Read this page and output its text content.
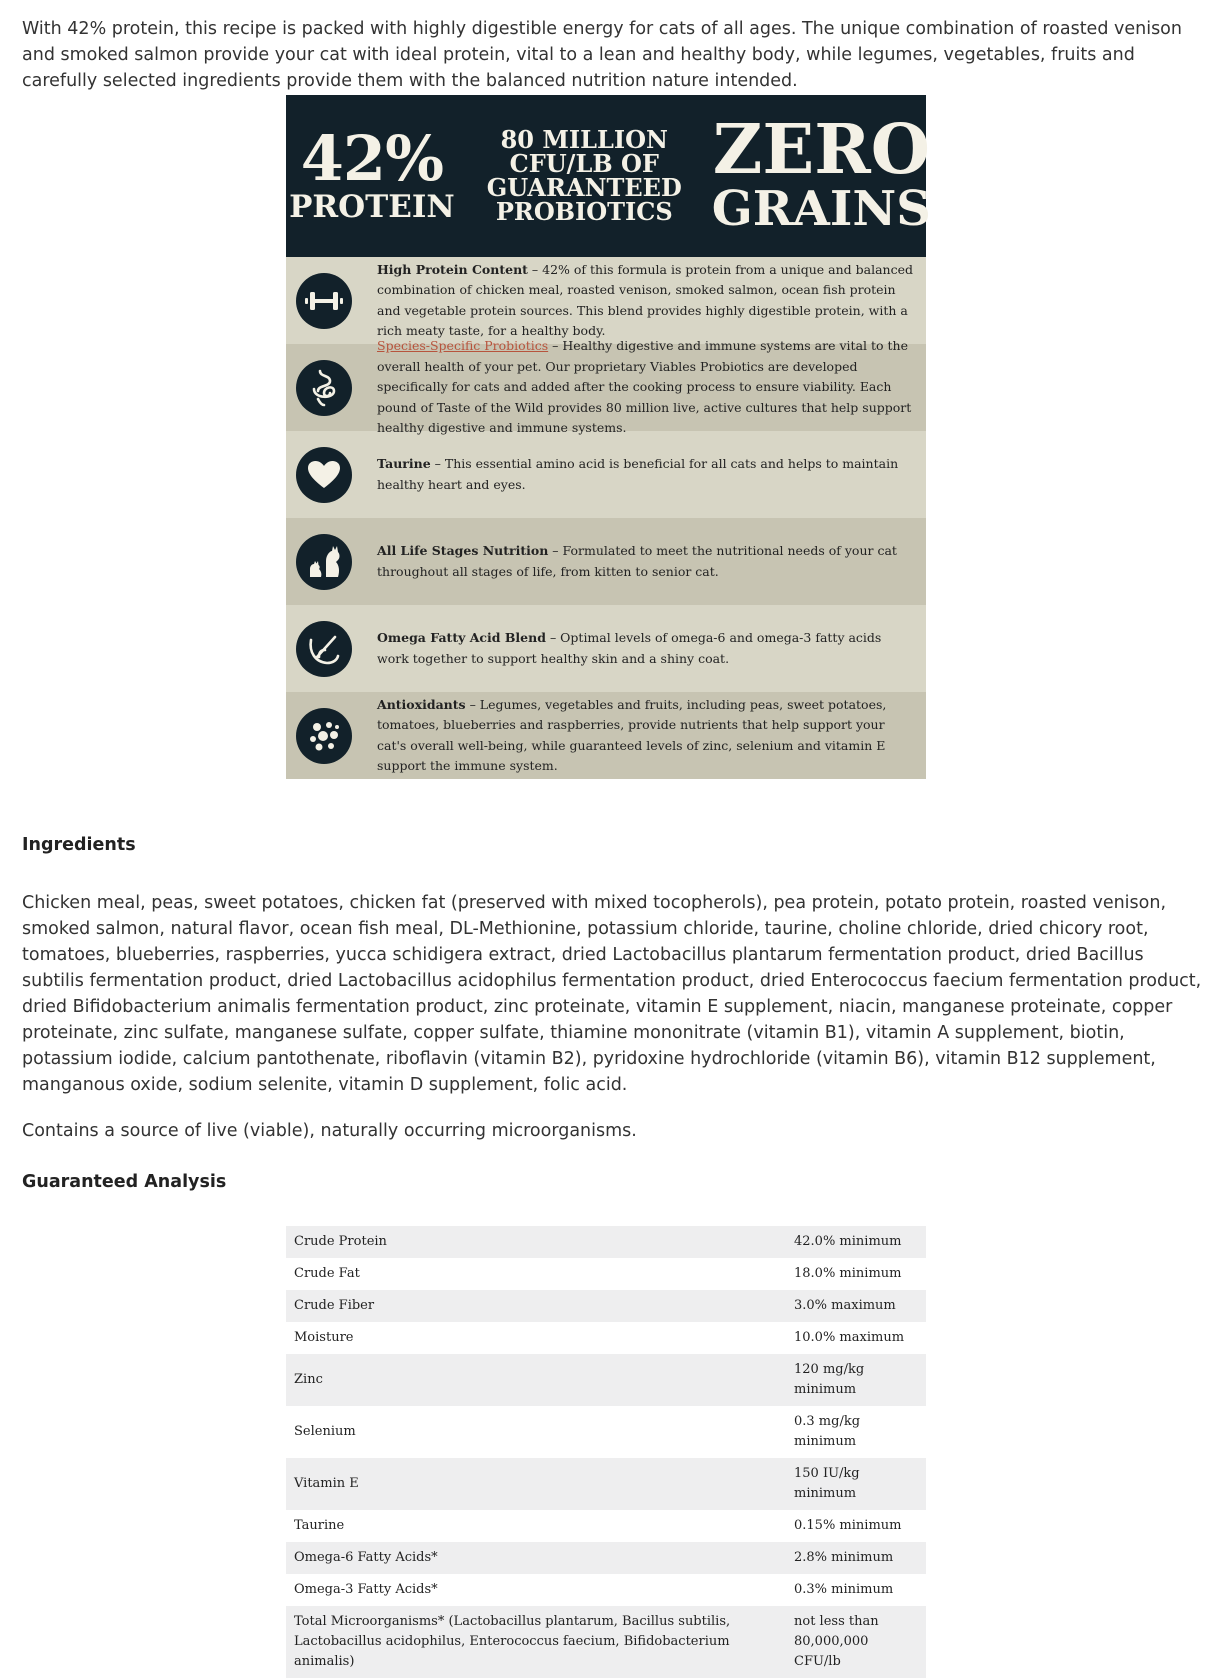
With 42% protein, this recipe is packed with highly digestible energy for cats of all ages. The unique combination of roasted venison and smoked salmon provide your cat with ideal protein, vital to a lean and healthy body, while legumes, vegetables, fruits and carefully selected ingredients provide them with the balanced nutrition nature intended.

42%
PROTEIN
80 MILLION
CFU/LB OF
GUARANTEED
PROBIOTICS
ZERO
GRAINS
High Protein Content – 42% of this formula is protein from a unique and balanced combination of chicken meal, roasted venison, smoked salmon, ocean fish protein and vegetable protein sources. This blend provides highly digestible protein, with a rich meaty taste, for a healthy body.
Species-Specific Probiotics – Healthy digestive and immune systems are vital to the overall health of your pet. Our proprietary Viables Probiotics are developed specifically for cats and added after the cooking process to ensure viability. Each pound of Taste of the Wild provides 80 million live, active cultures that help support healthy digestive and immune systems.
Taurine – This essential amino acid is beneficial for all cats and helps to maintain healthy heart and eyes.
All Life Stages Nutrition – Formulated to meet the nutritional needs of your cat throughout all stages of life, from kitten to senior cat.
Omega Fatty Acid Blend – Optimal levels of omega-6 and omega-3 fatty acids work together to support healthy skin and a shiny coat.
Antioxidants – Legumes, vegetables and fruits, including peas, sweet potatoes, tomatoes, blueberries and raspberries, provide nutrients that help support your cat's overall well-being, while guaranteed levels of zinc, selenium and vitamin E support the immune system.
Ingredients

Chicken meal, peas, sweet potatoes, chicken fat (preserved with mixed tocopherols), pea protein, potato protein, roasted venison, smoked salmon, natural flavor, ocean fish meal, DL-Methionine, potassium chloride, taurine, choline chloride, dried chicory root, tomatoes, blueberries, raspberries, yucca schidigera extract, dried Lactobacillus plantarum fermentation product, dried Bacillus subtilis fermentation product, dried Lactobacillus acidophilus fermentation product, dried Enterococcus faecium fermentation product, dried Bifidobacterium animalis fermentation product, zinc proteinate, vitamin E supplement, niacin, manganese proteinate, copper proteinate, zinc sulfate, manganese sulfate, copper sulfate, thiamine mononitrate (vitamin B1), vitamin A supplement, biotin, potassium iodide, calcium pantothenate, riboflavin (vitamin B2), pyridoxine hydrochloride (vitamin B6), vitamin B12 supplement, manganous oxide, sodium selenite, vitamin D supplement, folic acid.

Contains a source of live (viable), naturally occurring microorganisms.

Guaranteed Analysis
Crude Protein	42.0% minimum
Crude Fat	18.0% minimum
Crude Fiber	3.0% maximum
Moisture	10.0% maximum
Zinc	120 mg/kg minimum
Selenium	0.3 mg/kg minimum
Vitamin E	150 IU/kg minimum
Taurine	0.15% minimum
Omega-6 Fatty Acids*	2.8% minimum
Omega-3 Fatty Acids*	0.3% minimum
Total Microorganisms* (Lactobacillus plantarum, Bacillus subtilis, Lactobacillus acidophilus, Enterococcus faecium, Bifidobacterium animalis)	not less than 80,000,000 CFU/lb
